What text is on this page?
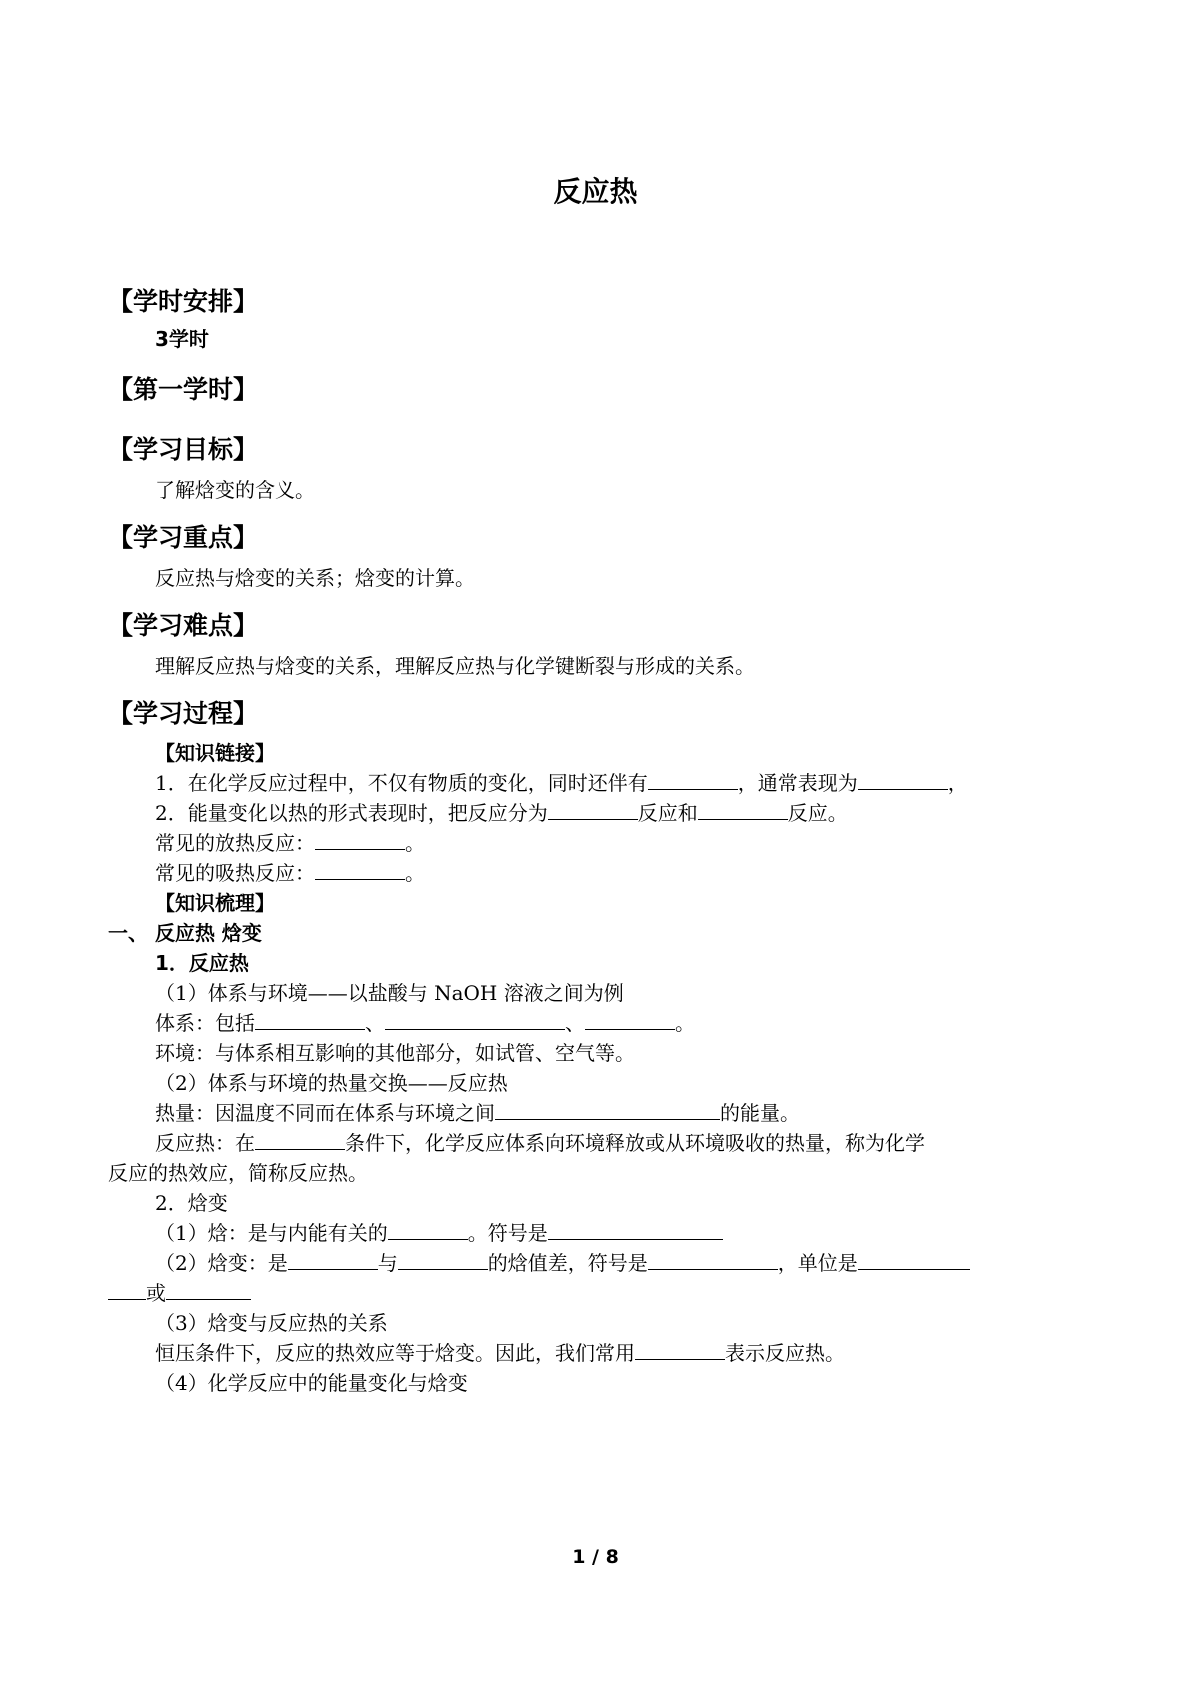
反应热
【学时安排】
3学时
【第一学时】
【学习目标】
了解焓变的含义。
【学习重点】
反应热与焓变的关系；焓变的计算。
【学习难点】
理解反应热与焓变的关系，理解反应热与化学键断裂与形成的关系。
【学习过程】
【知识链接】
1．在化学反应过程中，不仅有物质的变化，同时还伴有	，通常表现为	，
2．能量变化以热的形式表现时，把反应分为	反应和	反应。
常见的放热反应：	。
常见的吸热反应：	。
【知识梳理】
一、 反应热 焓变
1．反应热
（1）体系与环境——以盐酸与 NaOH 溶液之间为例
体系：包括	、	、	。
环境：与体系相互影响的其他部分，如试管、空气等。
（2）体系与环境的热量交换——反应热
热量：因温度不同而在体系与环境之间	的能量。
反应热：在	条件下，化学反应体系向环境释放或从环境吸收的热量，称为化学
反应的热效应，简称反应热。
2．焓变
（1）焓：是与内能有关的	。符号是
（2）焓变：是	与	的焓值差，符号是	，单位是
或
（3）焓变与反应热的关系
恒压条件下，反应的热效应等于焓变。因此，我们常用	表示反应热。
（4）化学反应中的能量变化与焓变
1 / 8
